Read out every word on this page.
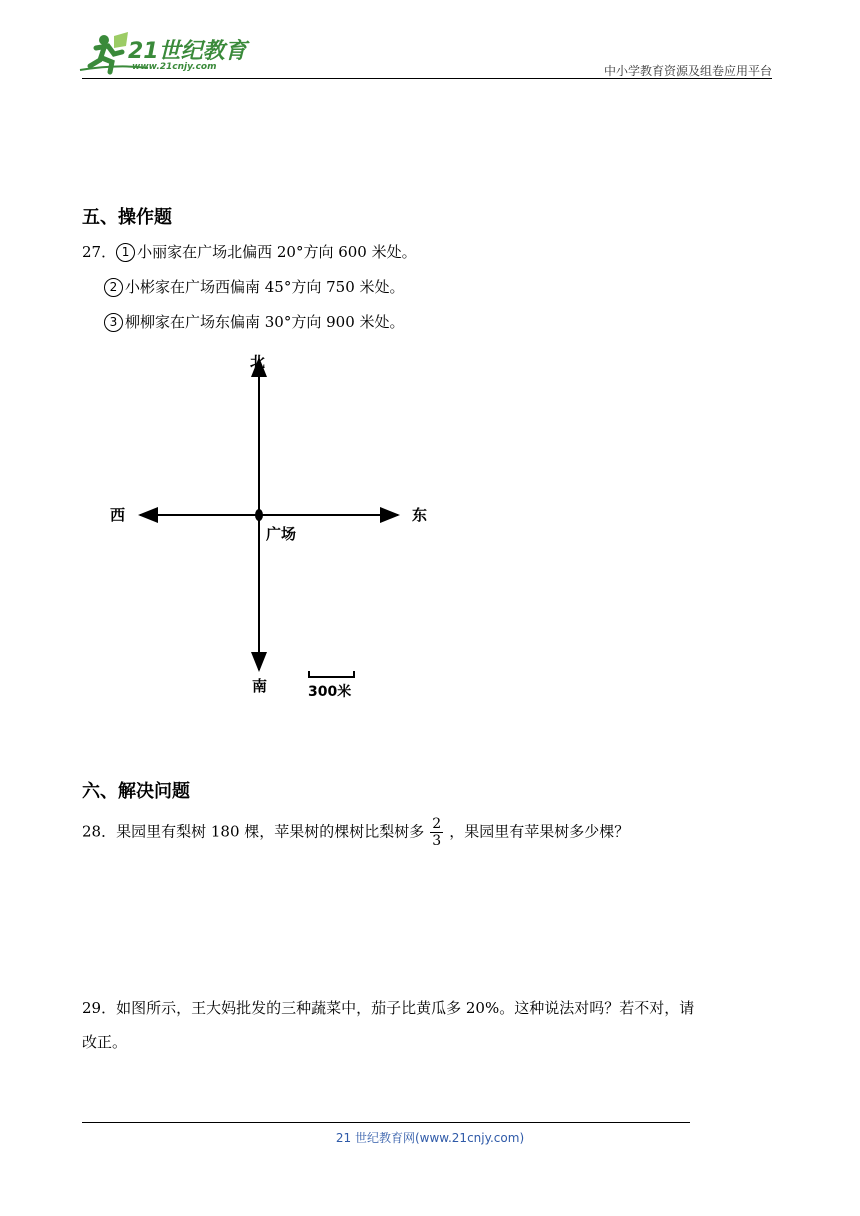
21世纪教育
www.21cnjy.com	中小学教育资源及组卷应用平台
五、操作题
27． 1 小丽家在广场北偏西 20°方向 600 米处。
2 小彬家在广场西偏南 45°方向 750 米处。
3 柳柳家在广场东偏南 30°方向 900 米处。
北
南
西	东
广场
300米
六、解决问题
28．果园里有梨树 180 棵，苹果树的棵树比梨树多 $\frac{2}{3}$ ，果园里有苹果树多少棵？
29．如图所示，王大妈批发的三种蔬菜中，茄子比黄瓜多 20%。这种说法对吗？若不对，请
改正。
21 世纪教育网(www.21cnjy.com)
